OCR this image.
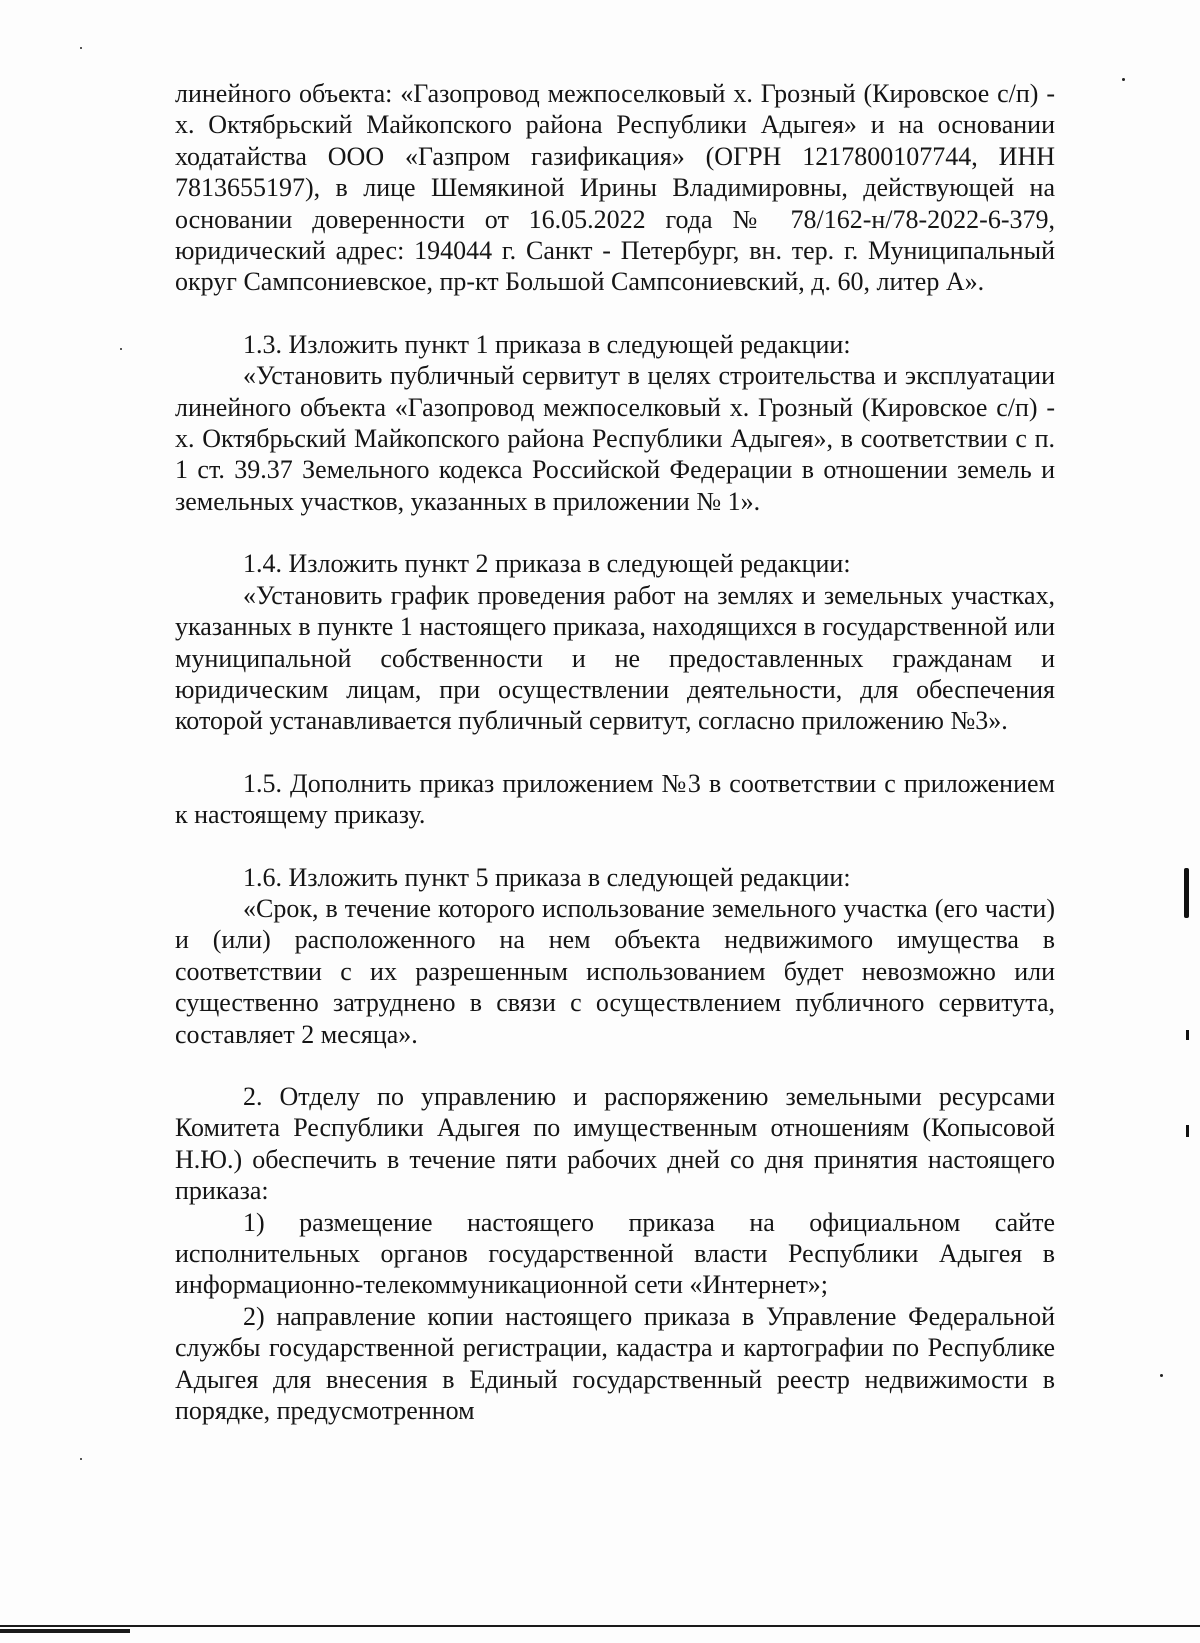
линейного объекта: «Газопровод межпоселковый х. Грозный (Кировское с/п) - х. Октябрьский Майкопского района Республики Адыгея» и на основании ходатайства ООО «Газпром газификация» (ОГРН 1217800107744, ИНН 7813655197), в лице Шемякиной Ирины Владимировны, действующей на основании доверенности от 16.05.2022 года № 78/162-н/78-2022-6-379, юридический адрес: 194044 г. Санкт - Петербург, вн. тер. г. Муниципальный округ Сампсониевское, пр-кт Большой Сампсониевский, д. 60, литер А».

1.3. Изложить пункт 1 приказа в следующей редакции:

«Установить публичный сервитут в целях строительства и эксплуатации линейного объекта «Газопровод межпоселковый х. Грозный (Кировское с/п) - х. Октябрьский Майкопского района Республики Адыгея», в соответствии с п. 1 ст. 39.37 Земельного кодекса Российской Федерации в отношении земель и земельных участков, указанных в приложении № 1».

1.4. Изложить пункт 2 приказа в следующей редакции:

«Установить график проведения работ на землях и земельных участках, указанных в пункте 1 настоящего приказа, находящихся в государственной или муниципальной собственности и не предоставленных гражданам и юридическим лицам, при осуществлении деятельности, для обеспечения которой устанавливается публичный сервитут, согласно приложению №3».

1.5. Дополнить приказ приложением №3 в соответствии с приложением к настоящему приказу.

1.6. Изложить пункт 5 приказа в следующей редакции:

«Срок, в течение которого использование земельного участка (его части) и (или) расположенного на нем объекта недвижимого имущества в соответствии с их разрешенным использованием будет невозможно или существенно затруднено в связи с осуществлением публичного сервитута, составляет 2 месяца».

2. Отделу по управлению и распоряжению земельными ресурсами Комитета Республики Адыгея по имущественным отношениям (Копысовой Н.Ю.) обеспечить в течение пяти рабочих дней со дня принятия настоящего приказа:

1) размещение настоящего приказа на официальном сайте исполнительных органов государственной власти Республики Адыгея в информационно-телекоммуникационной сети «Интернет»;

2) направление копии настоящего приказа в Управление Федеральной службы государственной регистрации, кадастра и картографии по Республике Адыгея для внесения в Единый государственный реестр недвижимости в порядке, предусмотренном
